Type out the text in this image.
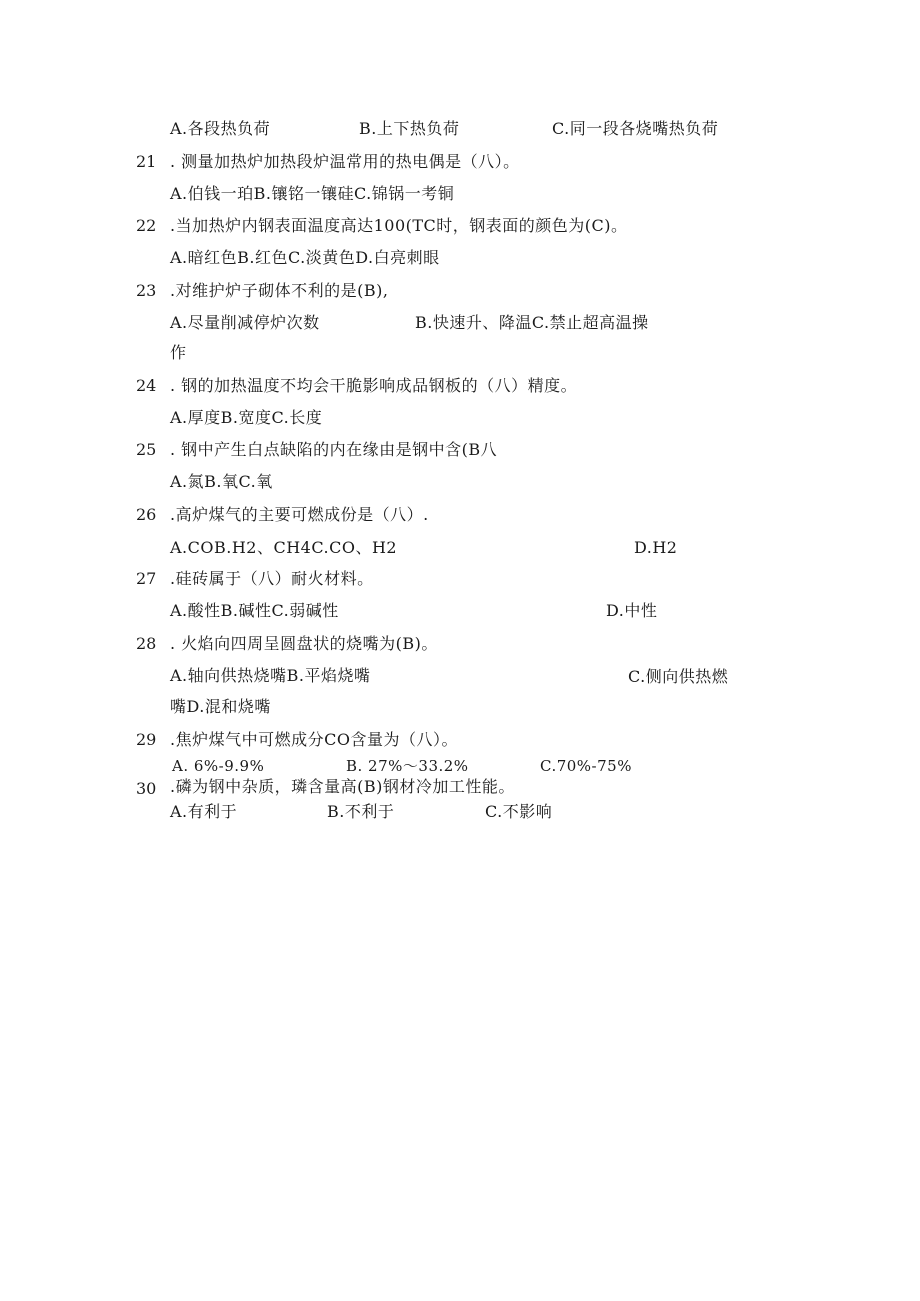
A.各段热负荷	B.上下热负荷	C.同一段各烧嘴热负荷
21 . 测量加热炉加热段炉温常用的热电偶是（八）。
A.伯钱一珀B.镶铭一镶硅C.锦锅一考铜
22 .当加热炉内钢表面温度高达100(TC时，钢表面的颜色为(C)。
A.暗红色B.红色C.淡黄色D.白亮刺眼
23 .对维护炉子砌体不利的是(B),
A.尽量削减停炉次数	B.快速升、降温C.禁止超高温操
作
24 . 钢的加热温度不均会干脆影响成品钢板的（八）精度。
A.厚度B.宽度C.长度
25 . 钢中产生白点缺陷的内在缘由是钢中含(B八
A.氮B.氧C.氧
26 .高炉煤气的主要可燃成份是（八）.
A.COB.H2、CH4C.CO、H2	D.H2
27 .硅砖属于（八）耐火材料。
A.酸性B.碱性C.弱碱性	D.中性
28 . 火焰向四周呈圆盘状的烧嘴为(B)。
A.轴向供热烧嘴B.平焰烧嘴	C.侧向供热燃
嘴D.混和烧嘴
29 .焦炉煤气中可燃成分CO含量为（八）。
A. 6%-9.9%	B. 27%～33.2%	C.70%-75%
30 .磷为钢中杂质，璘含量高(B)钢材冷加工性能。
A.有利于	B.不利于	C.不影响
